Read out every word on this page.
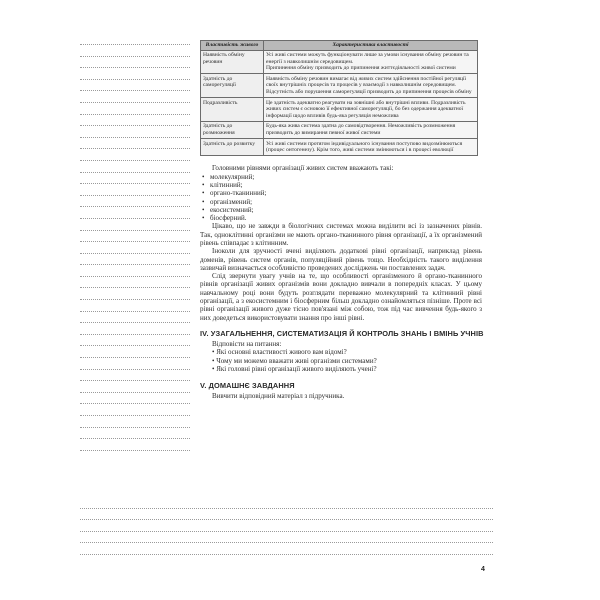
Властивість живого	Характеристика властивості
Наявність обміну речовин	Усі живі системи можуть функціонувати лише за умови існування обміну речовин та енергії з навколишнім середовищем.
Припинення обміну призводить до припинення життєдіяльності живої системи

Здатність до саморегуляції	Наявність обміну речовин вимагає від живих систем здійснення постійної регуляції своїх внутрішніх процесів та процесів у взаємодії з навколишнім середовищем. Відсутність або порушення саморегуляції призводить до припинення процесів обміну

Подразливість	Це здатність адекватно реагувати на зовнішні або внутрішні впливи. Подразливість живих систем є основою її ефективної саморегуляції, бо без одержання адекватної інформації щодо впливів будь-яка регуляція неможлива

Здатність до розмноження	Будь-яка жива система здатна до самовідтворення. Неможливість розмноження призводить до вимирання певної живої системи

Здатність до розвитку	Усі живі системи протягом індивідуального існування поступово видозмінюються (процес онтогенезу). Крім того, живі системи змінюються і в процесі еволюції

Головними рівнями організації живих систем вважають такі:

• молекулярний;
• клітинний;
• органо-тканинний;
• організмений;
• екосистемний;
• біосферний.

Цікаво, що не завжди в біологічних системах можна виділити всі із зазначених рівнів. Так, одноклітинні організми не мають органо-тканинного рівня організації, а їх організмений рівень співпадає з клітинним.

Іноколи для зручності вчені виділяють додаткові рівні організації, наприклад рівень доменів, рівень систем органів, популяційний рівень тощо. Необхідність такого виділення зазвичай визначається особливістю проведених досліджень чи поставлених задач.

Слід звернути увагу учнів на те, що особливості організменого й органо-тканинного рівнів організації живих організмів вони докладно вивчали в попередніх класах. У цьому навчальному році вони будуть розглядати переважно молекулярний та клітинний рівні організації, а з екосистемним і біосферним більш докладно ознайомляться пізніше. Проте всі рівні організації живого дуже тісно пов'язані між собою, тож під час вивчення будь-якого з них доведеться використовувати знання про інші рівні.

IV. УЗАГАЛЬНЕННЯ, СИСТЕМАТИЗАЦІЯ Й КОНТРОЛЬ ЗНАНЬ І ВМІНЬ УЧНІВ
Відповісти на питання:
• Які основні властивості живого вам відомі?
• Чому ми можемо вважати живі організми системами?
• Які головні рівні організації живого виділяють учені?
V. ДОМАШНЄ ЗАВДАННЯ
Вивчити відповідний матеріал з підручника.
4
